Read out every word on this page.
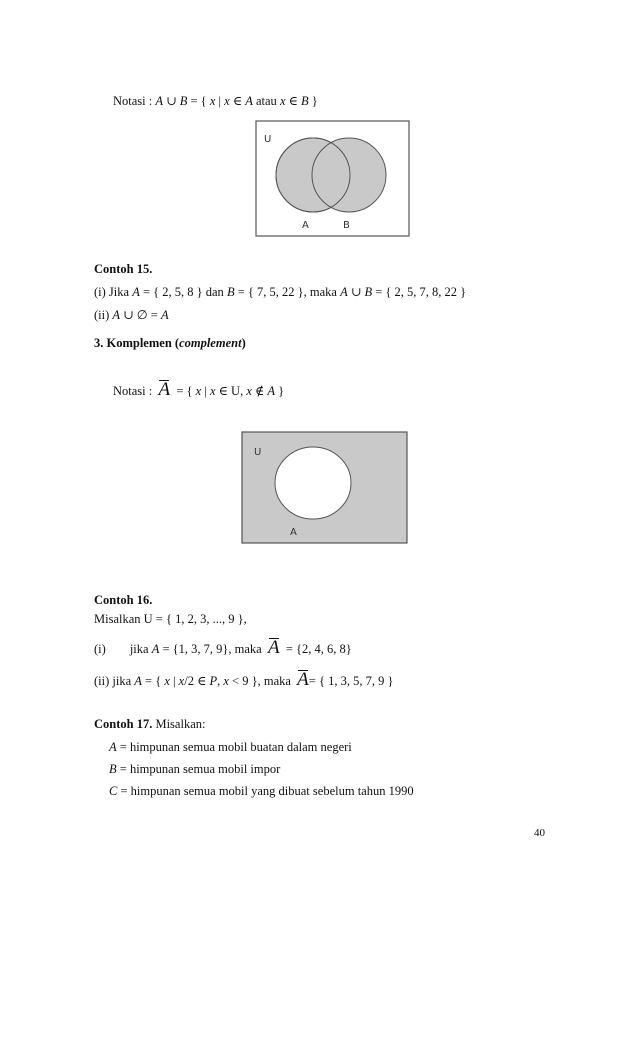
Notasi : A ∪ B = { x | x ∈ A atau x ∈ B }
U
A	B
Contoh 15.
(i) Jika A = { 2, 5, 8 } dan B = { 7, 5, 22 }, maka A ∪ B = { 2, 5, 7, 8, 22 }
(ii) A ∪ ∅ = A
3. Komplemen (complement)
Notasi : A  = { x | x ∈ U, x ∉ A }
U
A
Contoh 16.
Misalkan U = { 1, 2, 3, ..., 9 },
(i) jika A = {1, 3, 7, 9}, maka A  = {2, 4, 6, 8}
(ii) jika A = { x | x/2 ∈ P, x < 9 }, maka A= { 1, 3, 5, 7, 9 }
Contoh 17. Misalkan:
A = himpunan semua mobil buatan dalam negeri
B = himpunan semua mobil impor
C = himpunan semua mobil yang dibuat sebelum tahun 1990
40
